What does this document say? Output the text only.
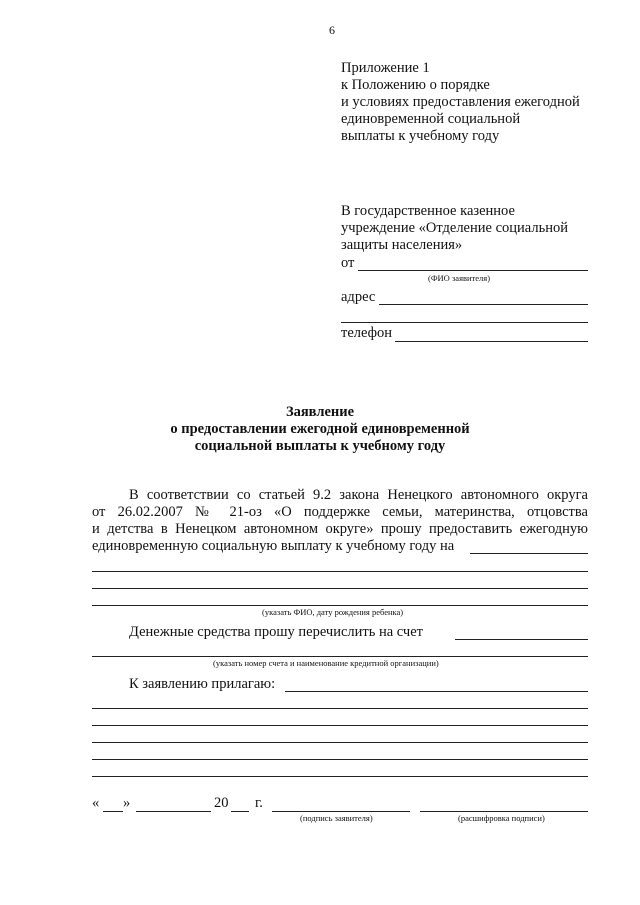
6
Приложение 1
к Положению о порядке
и условиях предоставления ежегодной
единовременной социальной
выплаты к учебному году
В государственное казенное
учреждение «Отделение социальной
защиты населения»
от
(ФИО заявителя)
адрес
телефон
Заявление
о предоставлении ежегодной единовременной
социальной выплаты к учебному году
В соответствии со статьей 9.2 закона Ненецкого автономного округа
от 26.02.2007 № 21-оз «О поддержке семьи, материнства, отцовства
и детства в Ненецком автономном округе» прошу предоставить ежегодную
единовременную социальную выплату к учебному году на
(указать ФИО, дату рождения ребенка)
Денежные средства прошу перечислить на счет
(указать номер счета и наименование кредитной организации)
К заявлению прилагаю:
« »	20 г.
(подпись заявителя)	(расшифровка подписи)
